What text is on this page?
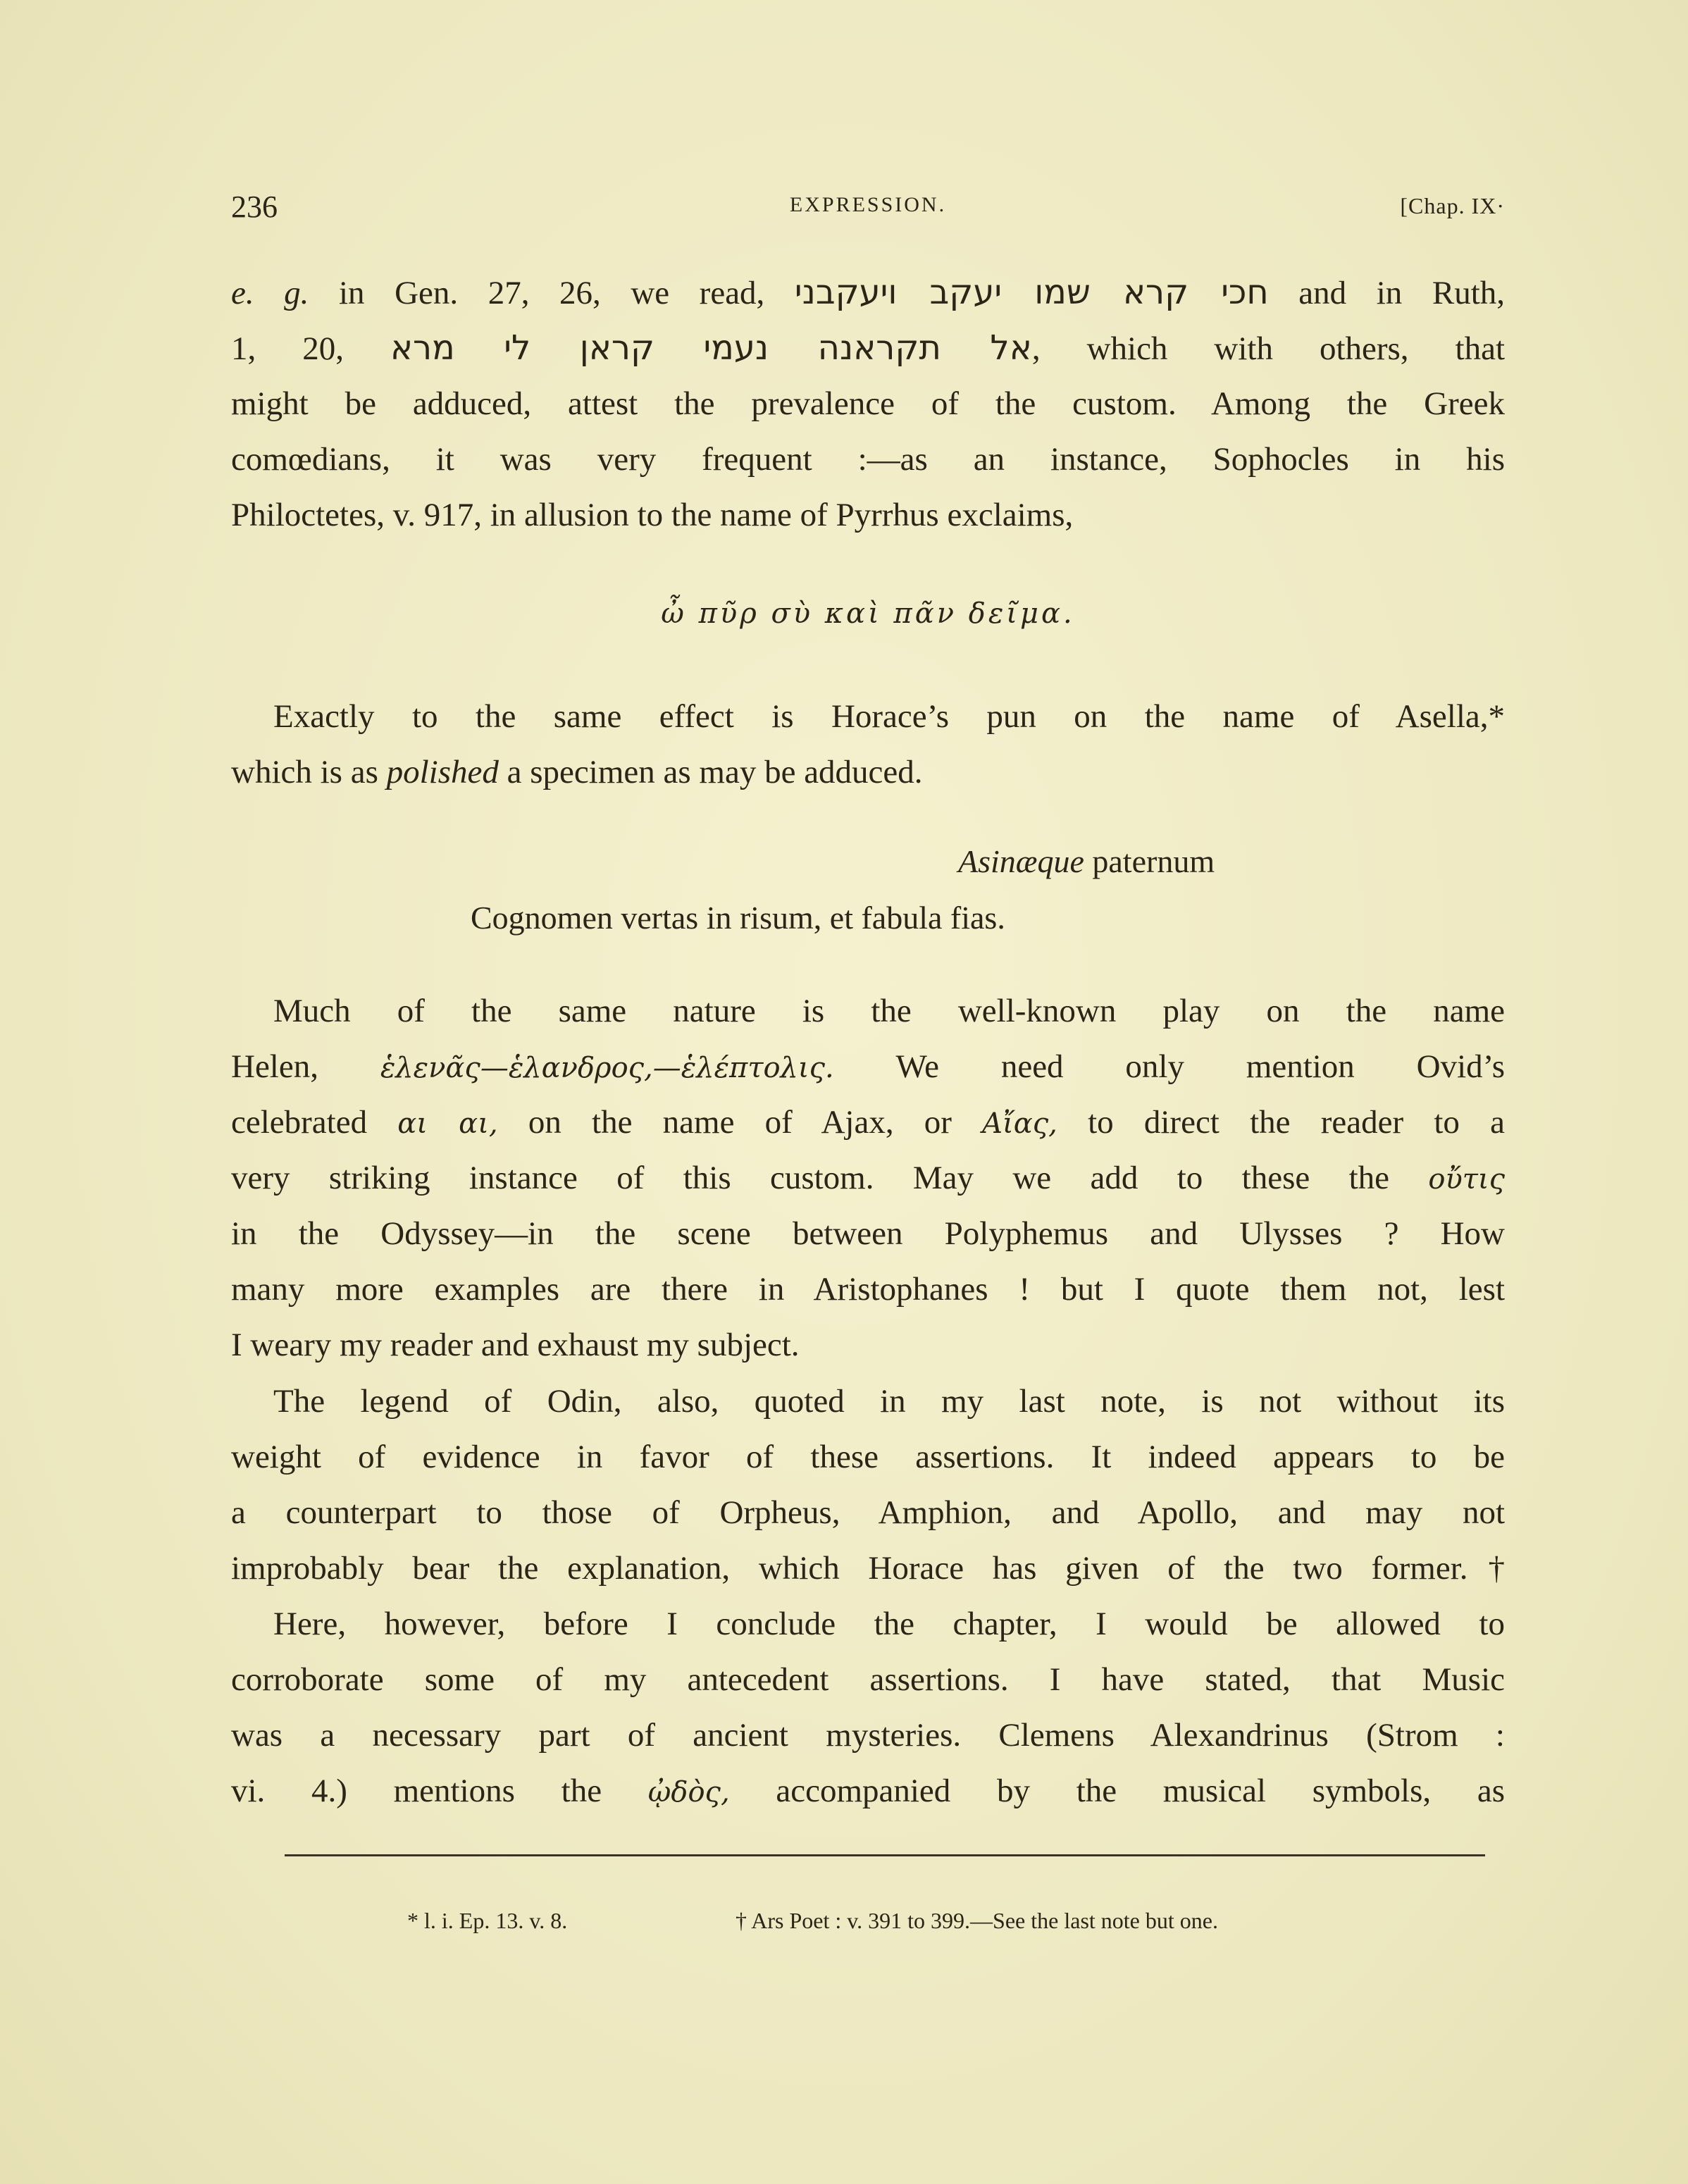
236	EXPRESSION.	[Chap. IX·
e. g. in Gen. 27, 26, we read, חכי קרא שמו יעקב ויעקבני and in Ruth,
1, 20, אל תקראנה נעמי קראן לי מרא, which with others, that
might be adduced, attest the prevalence of the custom. Among the Greek
comœdians, it was very frequent :—as an instance, Sophocles in his
Philoctetes, v. 917, in allusion to the name of Pyrrhus exclaims,
ὦ πῦρ σὺ καὶ πᾶν δεῖμα.
Exactly to the same effect is Horace’s pun on the name of Asella,*
which is as polished a specimen as may be adduced.
Asinæque paternum
Cognomen vertas in risum, et fabula fias.
Much of the same nature is the well-known play on the name
Helen, ἑλενᾶς—ἑλανδρος,—ἑλέπτολις. We need only mention Ovid’s
celebrated αι αι, on the name of Ajax, or Αἴας, to direct the reader to a
very striking instance of this custom. May we add to these the οὔτις
in the Odyssey—in the scene between Polyphemus and Ulysses ? How
many more examples are there in Aristophanes ! but I quote them not, lest
I weary my reader and exhaust my subject.
The legend of Odin, also, quoted in my last note, is not without its
weight of evidence in favor of these assertions. It indeed appears to be
a counterpart to those of Orpheus, Amphion, and Apollo, and may not
improbably bear the explanation, which Horace has given of the two former.†
Here, however, before I conclude the chapter, I would be allowed to
corroborate some of my antecedent assertions. I have stated, that Music
was a necessary part of ancient mysteries. Clemens Alexandrinus (Strom :
vi. 4.) mentions the ᾠδὸς, accompanied by the musical symbols, as
* l. i. Ep. 13. v. 8.	† Ars Poet : v. 391 to 399.—See the last note but one.
